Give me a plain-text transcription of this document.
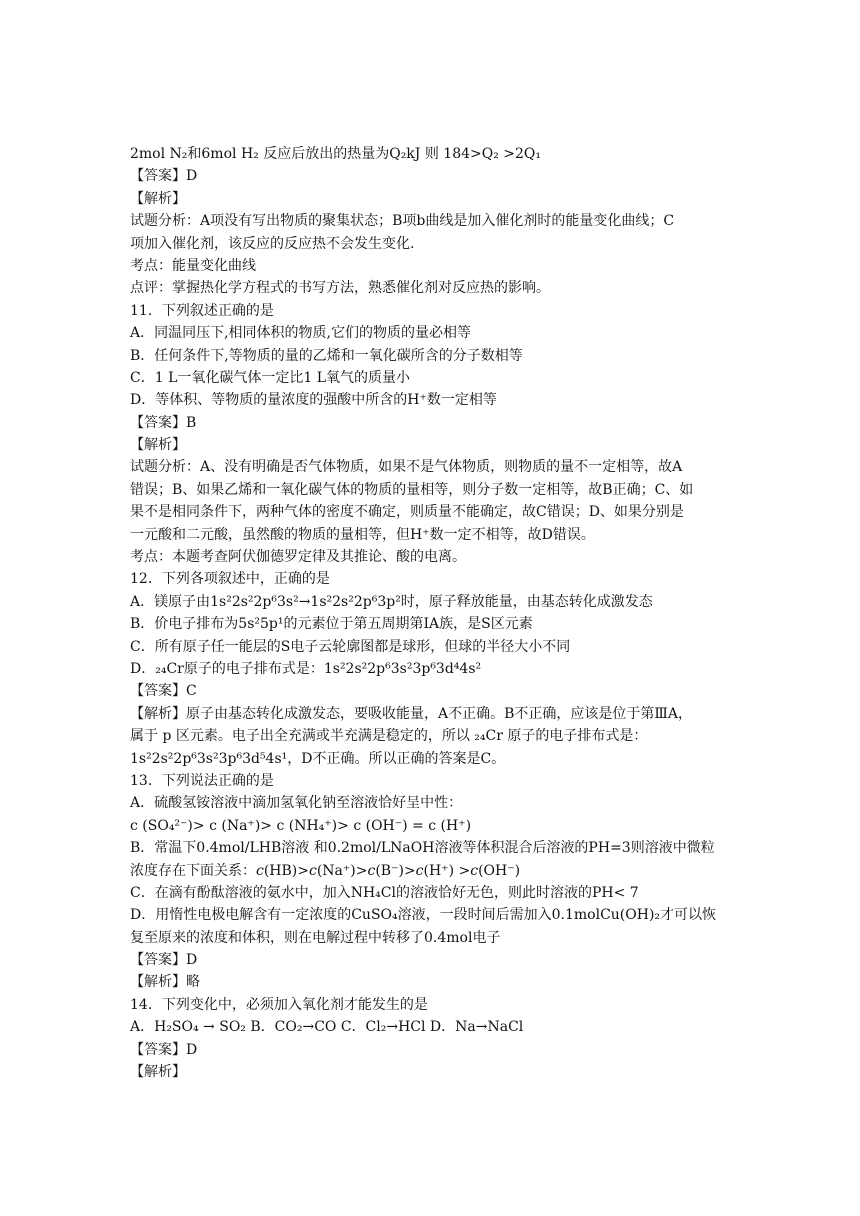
2mol N₂和6mol H₂ 反应后放出的热量为Q₂kJ 则 184>Q₂ >2Q₁
【答案】D
【解析】
试题分析：A项没有写出物质的聚集状态；B项b曲线是加入催化剂时的能量变化曲线；C
项加入催化剂，该反应的反应热不会发生变化.
考点：能量变化曲线
点评：掌握热化学方程式的书写方法，熟悉催化剂对反应热的影响。
11．下列叙述正确的是
A．同温同压下,相同体积的物质,它们的物质的量必相等
B．任何条件下,等物质的量的乙烯和一氧化碳所含的分子数相等
C．1 L一氧化碳气体一定比1 L氧气的质量小
D．等体积、等物质的量浓度的强酸中所含的H⁺数一定相等
【答案】B
【解析】
试题分析：A、没有明确是否气体物质，如果不是气体物质，则物质的量不一定相等，故A
错误；B、如果乙烯和一氧化碳气体的物质的量相等，则分子数一定相等，故B正确；C、如
果不是相同条件下，两种气体的密度不确定，则质量不能确定，故C错误；D、如果分别是
一元酸和二元酸，虽然酸的物质的量相等，但H⁺数一定不相等，故D错误。
考点：本题考查阿伏伽德罗定律及其推论、酸的电离。
12．下列各项叙述中，正确的是
A．镁原子由1s²2s²2p⁶3s²→1s²2s²2p⁶3p²时，原子释放能量，由基态转化成激发态
B．价电子排布为5s²5p¹的元素位于第五周期第ⅠA族，是S区元素
C．所有原子任一能层的S电子云轮廓图都是球形，但球的半径大小不同
D．₂₄Cr原子的电子排布式是：1s²2s²2p⁶3s²3p⁶3d⁴4s²
【答案】C
【解析】原子由基态转化成激发态，要吸收能量，A不正确。B不正确，应该是位于第ⅢA，
属于 p 区元素。电子出全充满或半充满是稳定的，所以 ₂₄Cr 原子的电子排布式是：
1s²2s²2p⁶3s²3p⁶3d⁵4s¹，D不正确。所以正确的答案是C。
13．下列说法正确的是
A．硫酸氢铵溶液中滴加氢氧化钠至溶液恰好呈中性：
c (SO₄²⁻)> c (Na⁺)> c (NH₄⁺)> c (OH⁻) = c (H⁺)
B．常温下0.4mol/LHB溶液 和0.2mol/LNaOH溶液等体积混合后溶液的PH=3则溶液中微粒
浓度存在下面关系：c(HB)>c(Na⁺)>c(B⁻)>c(H⁺) >c(OH⁻)
C．在滴有酚酞溶液的氨水中，加入NH₄Cl的溶液恰好无色，则此时溶液的PH< 7
D．用惰性电极电解含有一定浓度的CuSO₄溶液，一段时间后需加入0.1molCu(OH)₂才可以恢
复至原来的浓度和体积，则在电解过程中转移了0.4mol电子
【答案】D
【解析】略
14．下列变化中，必须加入氧化剂才能发生的是
A．H₂SO₄ → SO₂ B．CO₂→CO C．Cl₂→HCl D．Na→NaCl
【答案】D
【解析】
